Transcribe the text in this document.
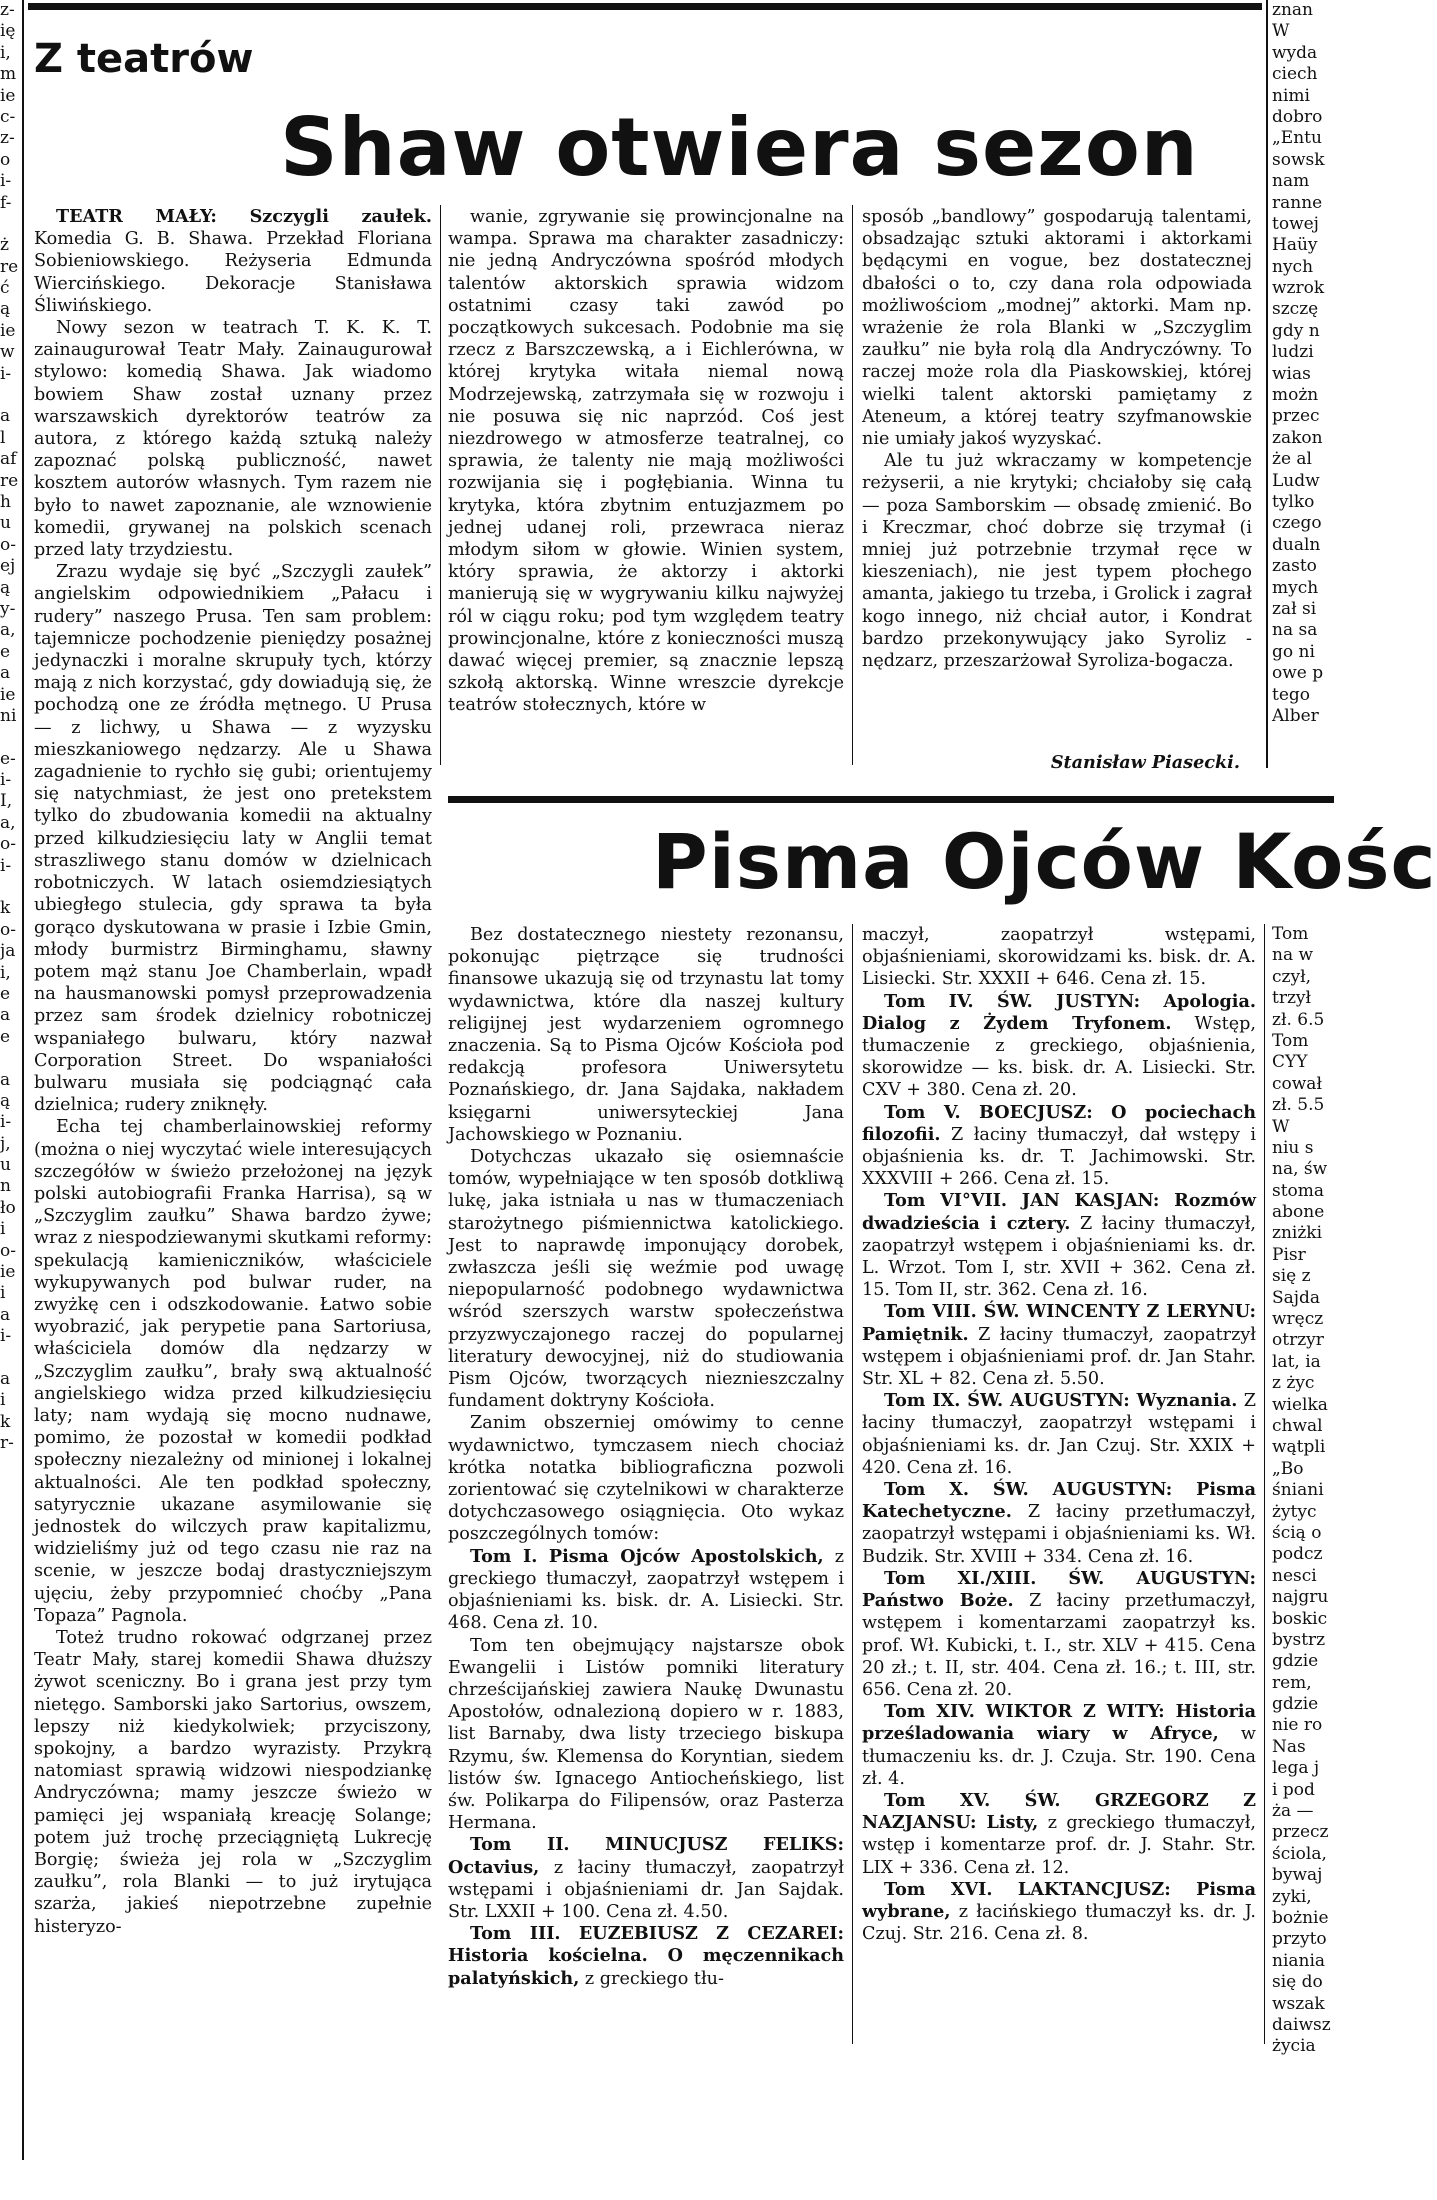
z-
ię
i,
m
ie
c-
z-
o
i-
f-
ż
re
ć
ą
ie
w
i-
a
l
af
re
h
u
o-
ej
ą
y-
a,
e
a
ie
ni
e-
i-
I,
a,
o-
i-
k
o-
ja
i,
e
a
e
a
ą
i-
j,
u
n
ło
i
o-
ie
i
a
i-
a
i
k
r-
Z teatrów
Shaw otwiera sezon

TEATR MAŁY: Szczygli zaułek. Komedia G. B. Shawa. Przekład Floriana Sobieniowskiego. Reżyseria Edmunda Wiercińskiego. Dekoracje Stanisława Śliwińskiego.

Nowy sezon w teatrach T. K. K. T. zainaugurował Teatr Mały. Zainaugurował stylowo: komedią Shawa. Jak wiadomo bowiem Shaw został uznany przez warszawskich dyrektorów teatrów za autora, z którego każdą sztuką należy zapoznać polską publiczność, nawet kosztem autorów własnych. Tym razem nie było to nawet zapoznanie, ale wznowienie komedii, grywanej na polskich scenach przed laty trzydziestu.

Zrazu wydaje się być „Szczygli zaułek” angielskim odpowiednikiem „Pałacu i rudery” naszego Prusa. Ten sam problem: tajemnicze pochodzenie pieniędzy posażnej jedynaczki i moralne skrupuły tych, którzy mają z nich korzystać, gdy dowiadują się, że pochodzą one ze źródła mętnego. U Prusa — z lichwy, u Shawa — z wyzysku mieszkaniowego nędzarzy. Ale u Shawa zagadnienie to rychło się gubi; orientujemy się natychmiast, że jest ono pretekstem tylko do zbudowania komedii na aktualny przed kilkudziesięciu laty w Anglii temat straszliwego stanu domów w dzielnicach robotniczych. W latach osiemdziesiątych ubiegłego stulecia, gdy sprawa ta była gorąco dyskutowana w prasie i Izbie Gmin, młody burmistrz Birminghamu, sławny potem mąż stanu Joe Chamberlain, wpadł na hausmanowski pomysł przeprowadzenia przez sam środek dzielnicy robotniczej wspaniałego bulwaru, który nazwał Corporation Street. Do wspaniałości bulwaru musiała się podciągnąć cała dzielnica; rudery zniknęły.

Echa tej chamberlainowskiej reformy (można o niej wyczytać wiele interesujących szczegółów w świeżo przełożonej na język polski autobiografii Franka Harrisa), są w „Szczyglim zaułku” Shawa bardzo żywe; wraz z niespodziewanymi skutkami reformy: spekulacją kamieniczników, właściciele wykupywanych pod bulwar ruder, na zwyżkę cen i odszkodowanie. Łatwo sobie wyobrazić, jak perypetie pana Sartoriusa, właściciela domów dla nędzarzy w „Szczyglim zaułku”, brały swą aktualność angielskiego widza przed kilkudziesięciu laty; nam wydają się mocno nudnawe, pomimo, że pozostał w komedii podkład społeczny niezależny od minionej i lokalnej aktualności. Ale ten podkład społeczny, satyrycznie ukazane asymilowanie się jednostek do wilczych praw kapitalizmu, widzieliśmy już od tego czasu nie raz na scenie, w jeszcze bodaj drastyczniejszym ujęciu, żeby przypomnieć choćby „Pana Topaza” Pagnola.

Toteż trudno rokować odgrzanej przez Teatr Mały, starej komedii Shawa dłuższy żywot sceniczny. Bo i grana jest przy tym nietęgo. Samborski jako Sartorius, owszem, lepszy niż kiedykolwiek; przyciszony, spokojny, a bardzo wyrazisty. Przykrą natomiast sprawią widzowi niespodziankę Andryczówna; mamy jeszcze świeżo w pamięci jej wspaniałą kreację Solange; potem już trochę przeciągniętą Lukrecję Borgię; świeża jej rola w „Szczyglim zaułku”, rola Blanki — to już irytująca szarża, jakieś niepotrzebne zupełnie histeryzo-

wanie, zgrywanie się prowincjonalne na wampa. Sprawa ma charakter zasadniczy: nie jedną Andryczówna spośród młodych talentów aktorskich sprawia widzom ostatnimi czasy taki zawód po początkowych sukcesach. Podobnie ma się rzecz z Barszczewską, a i Eichlerówna, w której krytyka witała niemal nową Modrzejewską, zatrzymała się w rozwoju i nie posuwa się nic naprzód. Coś jest niezdrowego w atmosferze teatralnej, co sprawia, że talenty nie mają możliwości rozwijania się i pogłębiania. Winna tu krytyka, która zbytnim entuzjazmem po jednej udanej roli, przewraca nieraz młodym siłom w głowie. Winien system, który sprawia, że aktorzy i aktorki manierują się w wygrywaniu kilku najwyżej ról w ciągu roku; pod tym względem teatry prowincjonalne, które z konieczności muszą dawać więcej premier, są znacznie lepszą szkołą aktorską. Winne wreszcie dyrekcje teatrów stołecznych, które w

sposób „bandlowy” gospodarują talentami, obsadzając sztuki aktorami i aktorkami będącymi en vogue, bez dostatecznej dbałości o to, czy dana rola odpowiada możliwościom „modnej” aktorki. Mam np. wrażenie że rola Blanki w „Szczyglim zaułku” nie była rolą dla Andryczówny. To raczej może rola dla Piaskowskiej, której wielki talent aktorski pamiętamy z Ateneum, a której teatry szyfmanowskie nie umiały jakoś wyzyskać.

Ale tu już wkraczamy w kompetencje reżyserii, a nie krytyki; chciałoby się całą — poza Samborskim — obsadę zmienić. Bo i Kreczmar, choć dobrze się trzymał (i mniej już potrzebnie trzymał ręce w kieszeniach), nie jest typem płochego amanta, jakiego tu trzeba, i Grolick i zagrał kogo innego, niż chciał autor, i Kondrat bardzo przekonywujący jako Syroliz - nędzarz, przeszarżował Syroliza-bogacza.

Stanisław Piasecki.
znan
W
wyda
ciech
nimi
dobro
„Entu
sowsk
nam
ranne
towej
Haüy
nych
wzrok
szczę
gdy n
ludzi
wias
możn
przec
zakon
że al
Ludw
tylko
czego
dualn
zasto
mych
zał si
na sa
go ni
owe p
tego
Alber
Pisma Ojców Kośc

Bez dostatecznego niestety rezonansu, pokonując piętrzące się trudności finansowe ukazują się od trzynastu lat tomy wydawnictwa, które dla naszej kultury religijnej jest wydarzeniem ogromnego znaczenia. Są to Pisma Ojców Kościoła pod redakcją profesora Uniwersytetu Poznańskiego, dr. Jana Sajdaka, nakładem księgarni uniwersyteckiej Jana Jachowskiego w Poznaniu.

Dotychczas ukazało się osiemnaście tomów, wypełniające w ten sposób dotkliwą lukę, jaka istniała u nas w tłumaczeniach starożytnego piśmiennictwa katolickiego. Jest to naprawdę imponujący dorobek, zwłaszcza jeśli się weźmie pod uwagę niepopularność podobnego wydawnictwa wśród szerszych warstw społeczeństwa przyzwyczajonego raczej do popularnej literatury dewocyjnej, niż do studiowania Pism Ojców, tworzących nieznieszczalny fundament doktryny Kościoła.

Zanim obszerniej omówimy to cenne wydawnictwo, tymczasem niech chociaż krótka notatka bibliograficzna pozwoli zorientować się czytelnikowi w charakterze dotychczasowego osiągnięcia. Oto wykaz poszczególnych tomów:

Tom I. Pisma Ojców Apostolskich, z greckiego tłumaczył, zaopatrzył wstępem i objaśnieniami ks. bisk. dr. A. Lisiecki. Str. 468. Cena zł. 10.

Tom ten obejmujący najstarsze obok Ewangelii i Listów pomniki literatury chrześcijańskiej zawiera Naukę Dwunastu Apostołów, odnalezioną dopiero w r. 1883, list Barnaby, dwa listy trzeciego biskupa Rzymu, św. Klemensa do Koryntian, siedem listów św. Ignacego Antiocheńskiego, list św. Polikarpa do Filipensów, oraz Pasterza Hermana.

Tom II. MINUCJUSZ FELIKS: Octavius, z łaciny tłumaczył, zaopatrzył wstępami i objaśnieniami dr. Jan Sajdak. Str. LXXII + 100. Cena zł. 4.50.

Tom III. EUZEBIUSZ Z CEZAREI: Historia kościelna. O męczennikach palatyńskich, z greckiego tłu-

maczył, zaopatrzył wstępami, objaśnieniami, skorowidzami ks. bisk. dr. A. Lisiecki. Str. XXXII + 646. Cena zł. 15.

Tom IV. ŚW. JUSTYN: Apologia. Dialog z Żydem Tryfonem. Wstęp, tłumaczenie z greckiego, objaśnienia, skorowidze — ks. bisk. dr. A. Lisiecki. Str. CXV + 380. Cena zł. 20.

Tom V. BOECJUSZ: O pociechach filozofii. Z łaciny tłumaczył, dał wstępy i objaśnienia ks. dr. T. Jachimowski. Str. XXXVIII + 266. Cena zł. 15.

Tom VI°VII. JAN KASJAN: Rozmów dwadzieścia i cztery. Z łaciny tłumaczył, zaopatrzył wstępem i objaśnieniami ks. dr. L. Wrzot. Tom I, str. XVII + 362. Cena zł. 15. Tom II, str. 362. Cena zł. 16.

Tom VIII. ŚW. WINCENTY Z LERYNU: Pamiętnik. Z łaciny tłumaczył, zaopatrzył wstępem i objaśnieniami prof. dr. Jan Stahr. Str. XL + 82. Cena zł. 5.50.

Tom IX. ŚW. AUGUSTYN: Wyznania. Z łaciny tłumaczył, zaopatrzył wstępami i objaśnieniami ks. dr. Jan Czuj. Str. XXIX + 420. Cena zł. 16.

Tom X. ŚW. AUGUSTYN: Pisma Katechetyczne. Z łaciny przetłumaczył, zaopatrzył wstępami i objaśnieniami ks. Wł. Budzik. Str. XVIII + 334. Cena zł. 16.

Tom XI./XIII. ŚW. AUGUSTYN: Państwo Boże. Z łaciny przetłumaczył, wstępem i komentarzami zaopatrzył ks. prof. Wł. Kubicki, t. I., str. XLV + 415. Cena 20 zł.; t. II, str. 404. Cena zł. 16.; t. III, str. 656. Cena zł. 20.

Tom XIV. WIKTOR Z WITY: Historia prześladowania wiary w Afryce, w tłumaczeniu ks. dr. J. Czuja. Str. 190. Cena zł. 4.

Tom XV. ŚW. GRZEGORZ Z NAZJANSU: Listy, z greckiego tłumaczył, wstęp i komentarze prof. dr. J. Stahr. Str. LIX + 336. Cena zł. 12.

Tom XVI. LAKTANCJUSZ: Pisma wybrane, z łacińskiego tłumaczył ks. dr. J. Czuj. Str. 216. Cena zł. 8.

Tom
na w
czył,
trzył
zł. 6.5
Tom
CYY
cował
zł. 5.5
W
niu s
na, św
stoma
abone
zniżki
Pisr
się z
Sajda
wręcz
otrzyr
lat, ia
z życ
wielka
chwal
wątpli
„Bo
śniani
żytyc
ścią o
podcz
nesci
najgru
boskic
bystrz
gdzie
rem,
gdzie
nie ro
Nas
lega j
i pod
ża —
przecz
ściola,
bywaj
zyki,
bożnie
przyto
niania
się do
wszak
daiwsz
życia
